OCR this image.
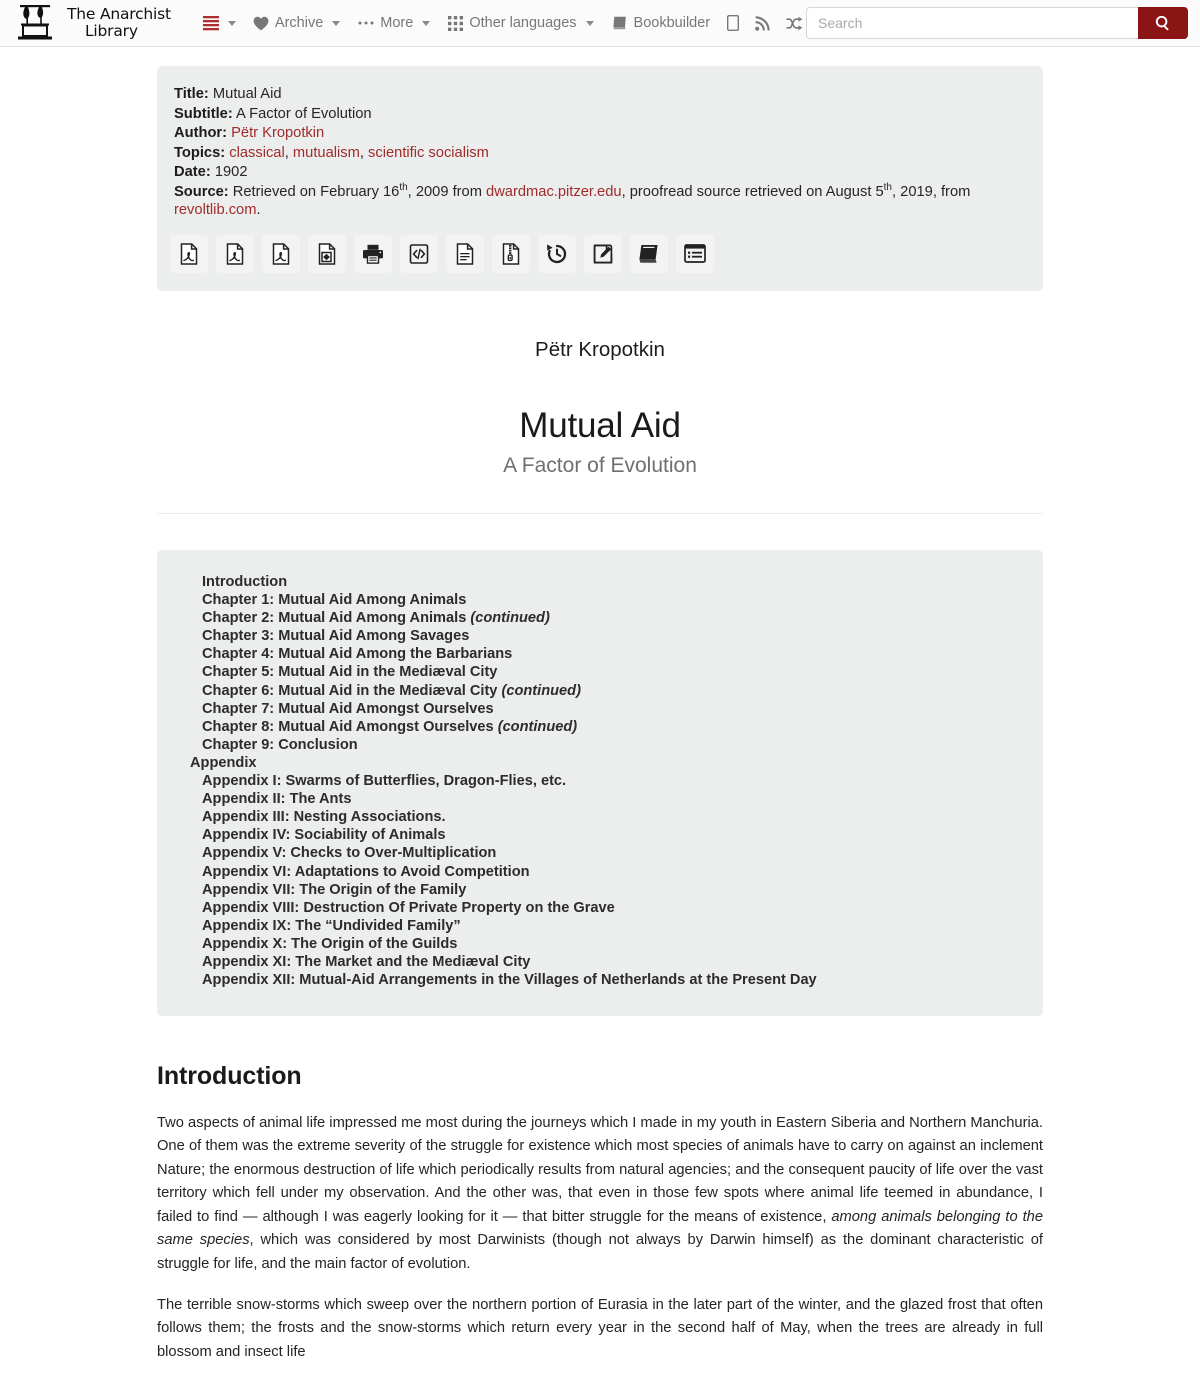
The Anarchist
Library	Archive	More	Other languages	Bookbuilder
Search
Title: Mutual Aid
Subtitle: A Factor of Evolution
Author: Pëtr Kropotkin
Topics: classical, mutualism, scientific socialism
Date: 1902
Source: Retrieved on February 16th, 2009 from dwardmac.pitzer.edu, proofread source retrieved on August 5th, 2019, from revoltlib.com.
Pëtr Kropotkin
Mutual Aid
A Factor of Evolution
Introduction
Chapter 1: Mutual Aid Among Animals
Chapter 2: Mutual Aid Among Animals (continued)
Chapter 3: Mutual Aid Among Savages
Chapter 4: Mutual Aid Among the Barbarians
Chapter 5: Mutual Aid in the Mediæval City
Chapter 6: Mutual Aid in the Mediæval City (continued)
Chapter 7: Mutual Aid Amongst Ourselves
Chapter 8: Mutual Aid Amongst Ourselves (continued)
Chapter 9: Conclusion
Appendix
Appendix I: Swarms of Butterflies, Dragon-Flies, etc.
Appendix II: The Ants
Appendix III: Nesting Associations.
Appendix IV: Sociability of Animals
Appendix V: Checks to Over-Multiplication
Appendix VI: Adaptations to Avoid Competition
Appendix VII: The Origin of the Family
Appendix VIII: Destruction Of Private Property on the Grave
Appendix IX: The “Undivided Family”
Appendix X: The Origin of the Guilds
Appendix XI: The Market and the Mediæval City
Appendix XII: Mutual-Aid Arrangements in the Villages of Netherlands at the Present Day
Introduction

Two aspects of animal life impressed me most during the journeys which I made in my youth in Eastern Siberia and Northern Manchuria. One of them was the extreme severity of the struggle for existence which most species of animals have to carry on against an inclement Nature; the enormous destruction of life which periodically results from natural agencies; and the consequent paucity of life over the vast territory which fell under my observation. And the other was, that even in those few spots where animal life teemed in abundance, I failed to find — although I was eagerly looking for it — that bitter struggle for the means of existence, among animals belonging to the same species, which was considered by most Darwinists (though not always by Darwin himself) as the dominant characteristic of struggle for life, and the main factor of evolution.

The terrible snow-storms which sweep over the northern portion of Eurasia in the later part of the winter, and the glazed frost that often follows them; the frosts and the snow-storms which return every year in the second half of May, when the trees are already in full blossom and insect life
